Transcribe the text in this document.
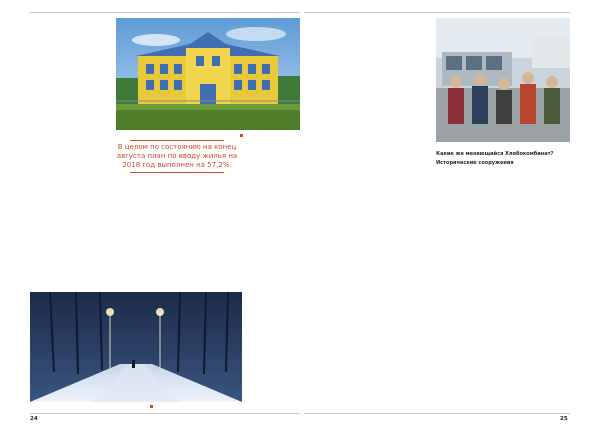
В целом по состоянию на конец августа план по вводу жилья на 2018 год выполнен на 57,2%.

Какие же меняющийся Хлебокомбинат?

Исторические сооружения

24	25
